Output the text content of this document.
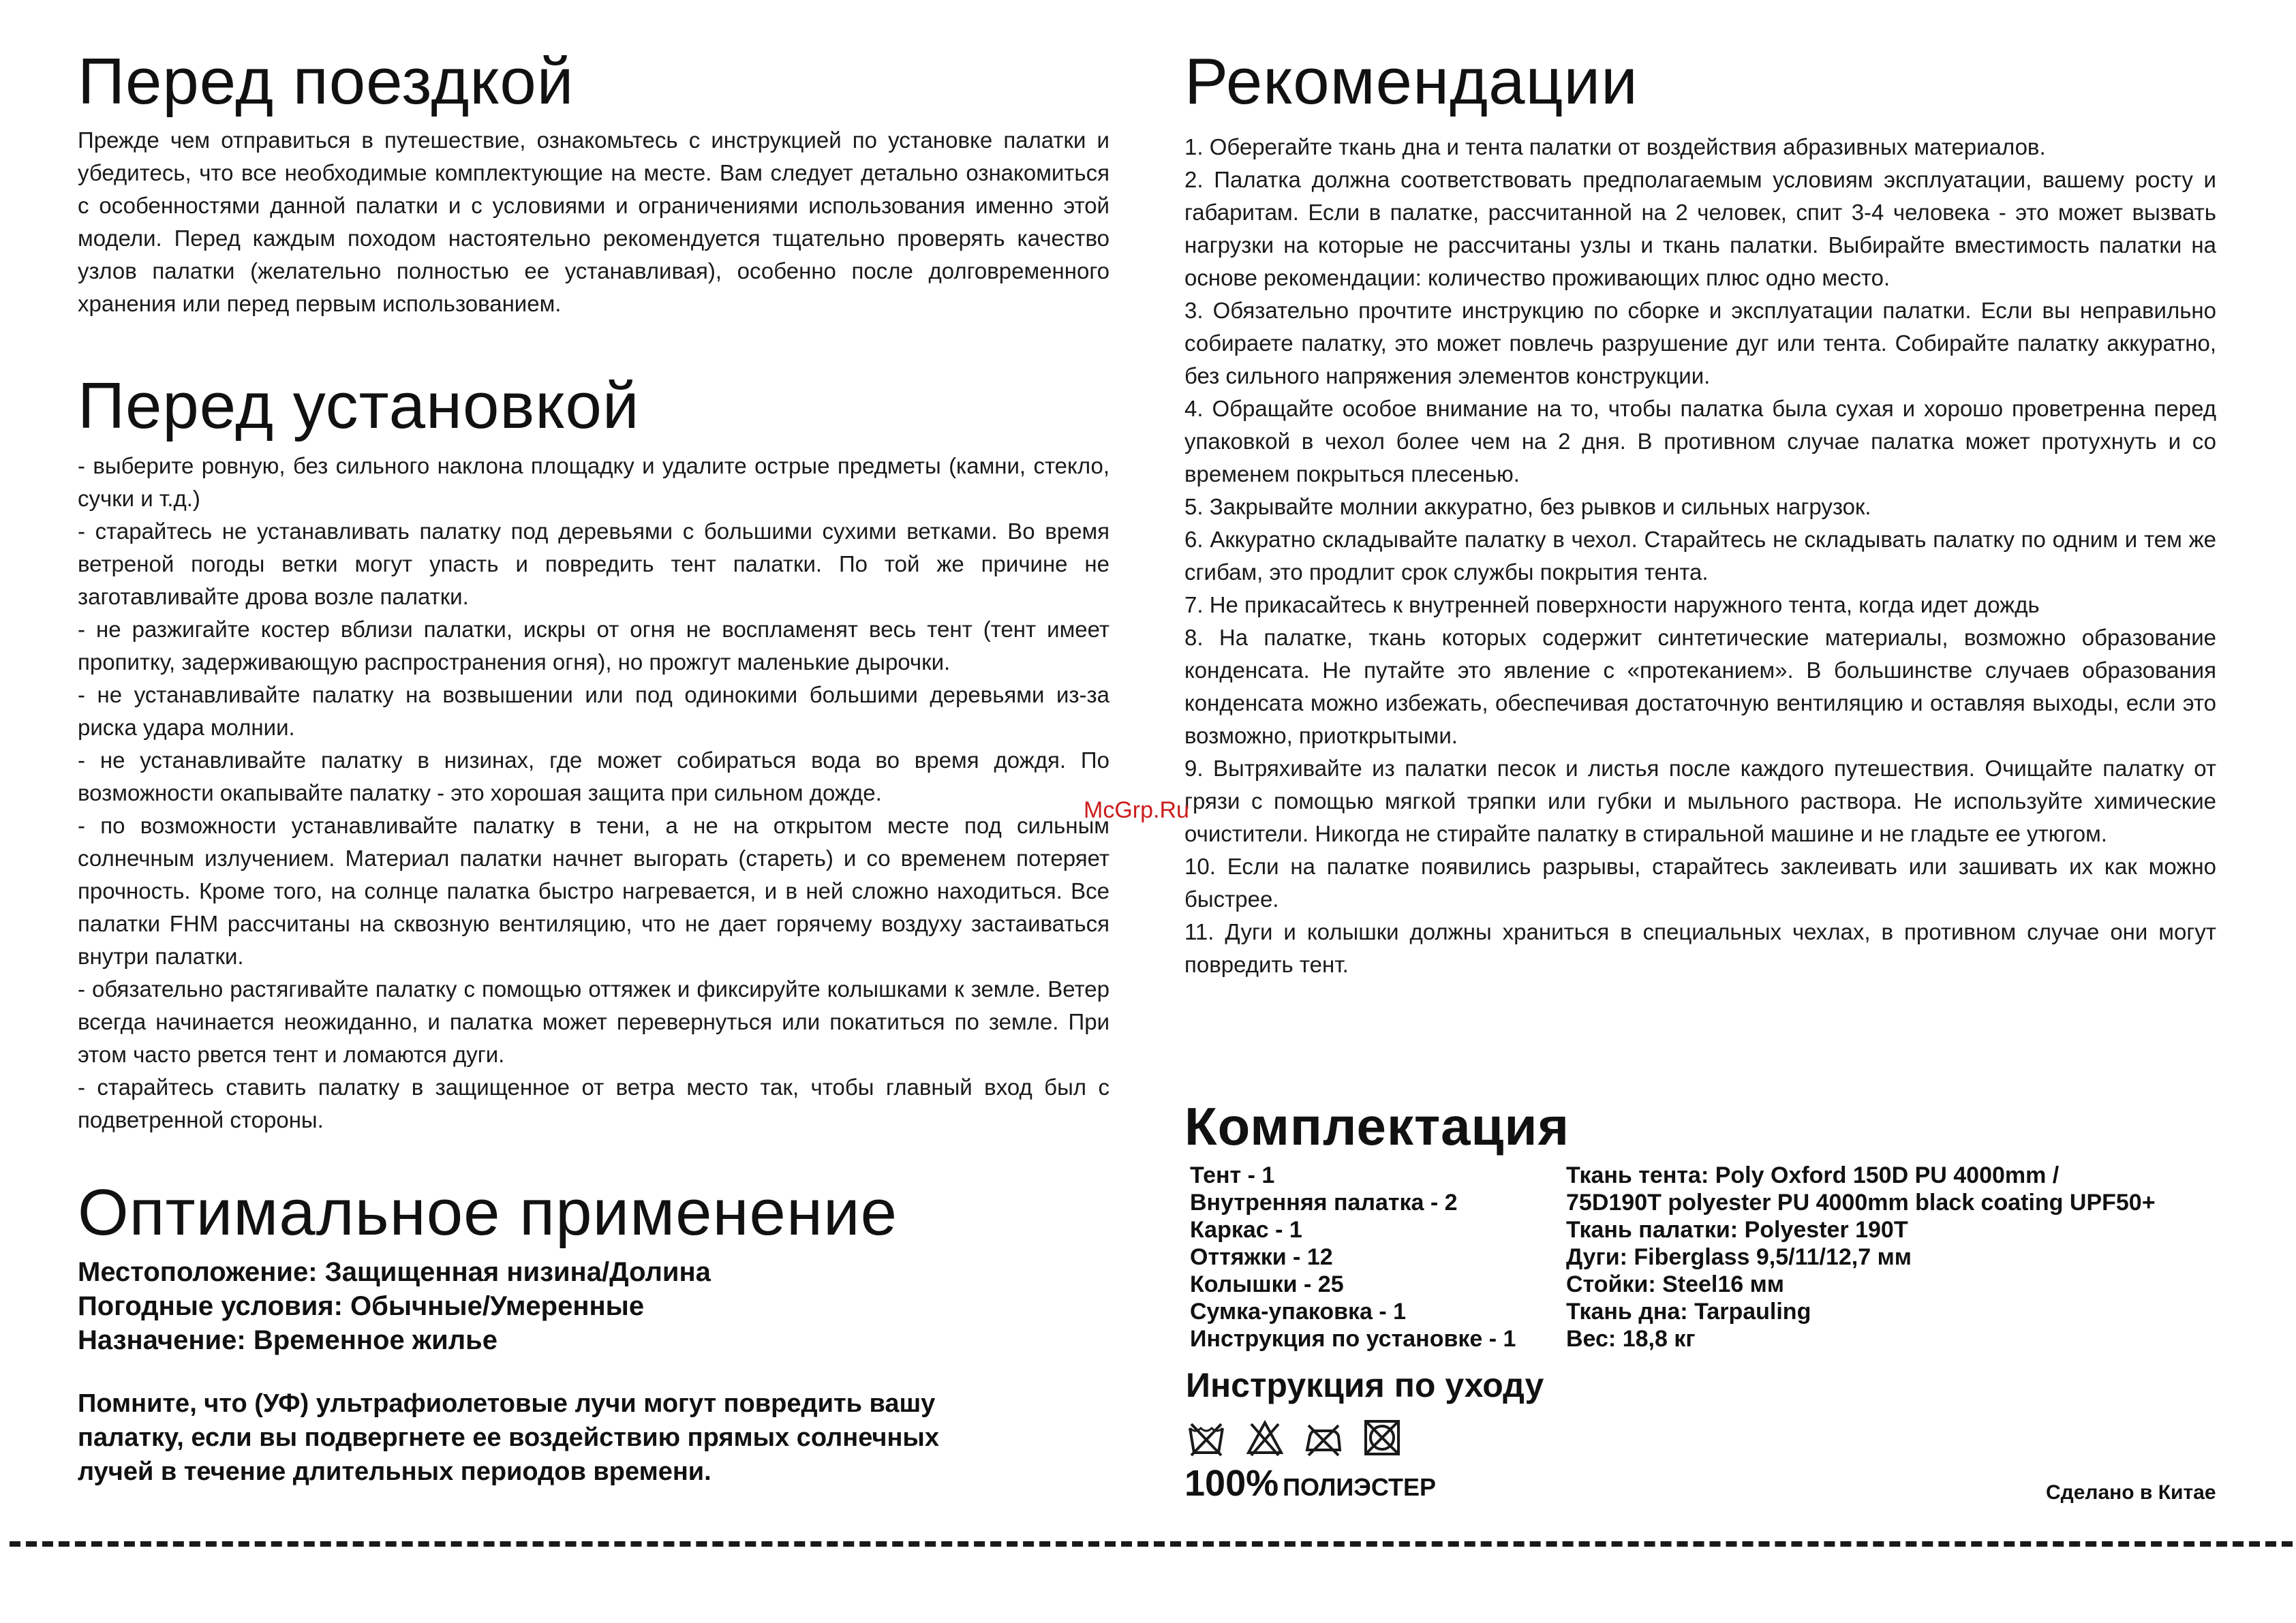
Перед поездкой

Прежде чем отправиться в путешествие, ознакомьтесь с инструкцией по установке палатки и убедитесь, что все необходимые комплектующие на месте. Вам следует детально ознакомиться с особенностями данной палатки и с условиями и ограничениями использования именно этой модели. Перед каждым походом настоятельно рекомендуется тщательно проверять качество узлов палатки (желательно полностью ее устанавливая), особенно после долговременного хранения или перед первым использованием.

Перед установкой

- выберите ровную, без сильного наклона площадку и удалите острые предметы (камни, стекло, сучки и т.д.)

- старайтесь не устанавливать палатку под деревьями с большими сухими ветками. Во время ветреной погоды ветки могут упасть и повредить тент палатки. По той же причине не заготавливайте дрова возле палатки.

- не разжигайте костер вблизи палатки, искры от огня не воспламенят весь тент (тент имеет пропитку, задерживающую распространения огня), но прожгут маленькие дырочки.

- не устанавливайте палатку на возвышении или под одинокими большими деревьями из-за риска удара молнии.

- не устанавливайте палатку в низинах, где может собираться вода во время дождя. По возможности окапывайте палатку - это хорошая защита при сильном дожде.

- по возможности устанавливайте палатку в тени, а не на открытом месте под сильным солнечным излучением. Материал палатки начнет выгорать (стареть) и со временем потеряет прочность. Кроме того, на солнце палатка быстро нагревается, и в ней сложно находиться. Все палатки FHM рассчитаны на сквозную вентиляцию, что не дает горячему воздуху застаиваться внутри палатки.

- обязательно растягивайте палатку с помощью оттяжек и фиксируйте колышками к земле. Ветер всегда начинается неожиданно, и палатка может перевернуться или покатиться по земле. При этом часто рвется тент и ломаются дуги.

- старайтесь ставить палатку в защищенное от ветра место так, чтобы главный вход был с подветренной стороны.

Оптимальное применение
Местоположение: Защищенная низина/Долина
Погодные условия: Обычные/Умеренные
Назначение: Временное жилье
Помните, что (УФ) ультрафиолетовые лучи могут повредить вашу палатку, если вы подвергнете ее воздействию прямых солнечных лучей в течение длительных периодов времени.
Рекомендации

1. Оберегайте ткань дна и тента палатки от воздействия абразивных материалов.

2. Палатка должна соответствовать предполагаемым условиям эксплуатации, вашему росту и габаритам. Если в палатке, рассчитанной на 2 человек, спит 3-4 человека - это может вызвать нагрузки на которые не рассчитаны узлы и ткань палатки. Выбирайте вместимость палатки на основе рекомендации: количество проживающих плюс одно место.

3. Обязательно прочтите инструкцию по сборке и эксплуатации палатки. Если вы неправильно собираете палатку, это может повлечь разрушение дуг или тента. Собирайте палатку аккуратно, без сильного напряжения элементов конструкции.

4. Обращайте особое внимание на то, чтобы палатка была сухая и хорошо проветренна перед упаковкой в чехол более чем на 2 дня. В противном случае палатка может протухнуть и со временем покрыться плесенью.

5. Закрывайте молнии аккуратно, без рывков и сильных нагрузок.

6. Аккуратно складывайте палатку в чехол. Старайтесь не складывать палатку по одним и тем же сгибам, это продлит срок службы покрытия тента.

7. Не прикасайтесь к внутренней поверхности наружного тента, когда идет дождь

8. На палатке, ткань которых содержит синтетические материалы, возможно образование конденсата. Не путайте это явление с «протеканием». В большинстве случаев образования конденсата можно избежать, обеспечивая достаточную вентиляцию и оставляя выходы, если это возможно, приоткрытыми.

9. Вытряхивайте из палатки песок и листья после каждого путешествия. Очищайте палатку от грязи с помощью мягкой тряпки или губки и мыльного раствора. Не используйте химические очистители. Никогда не стирайте палатку в стиральной машине и не гладьте ее утюгом.

10. Если на палатке появились разрывы, старайтесь заклеивать или зашивать их как можно быстрее.

11. Дуги и колышки должны храниться в специальных чехлах, в противном случае они могут повредить тент.

Комплектация
Тент - 1
Внутренняя палатка - 2
Каркас - 1
Оттяжки - 12
Колышки - 25
Сумка-упаковка - 1
Инструкция по установке - 1
Ткань тента: Poly Oxford 150D PU 4000mm /
75D190T polyester PU 4000mm black coating UPF50+
Ткань палатки: Polyester 190T
Дуги: Fiberglass 9,5/11/12,7 мм
Стойки: Steel16 мм
Ткань дна: Tarpauling
Вес: 18,8 кг
Инструкция по уходу
100% ПОЛИЭСТЕР	Сделано в Китае
McGrp.Ru
